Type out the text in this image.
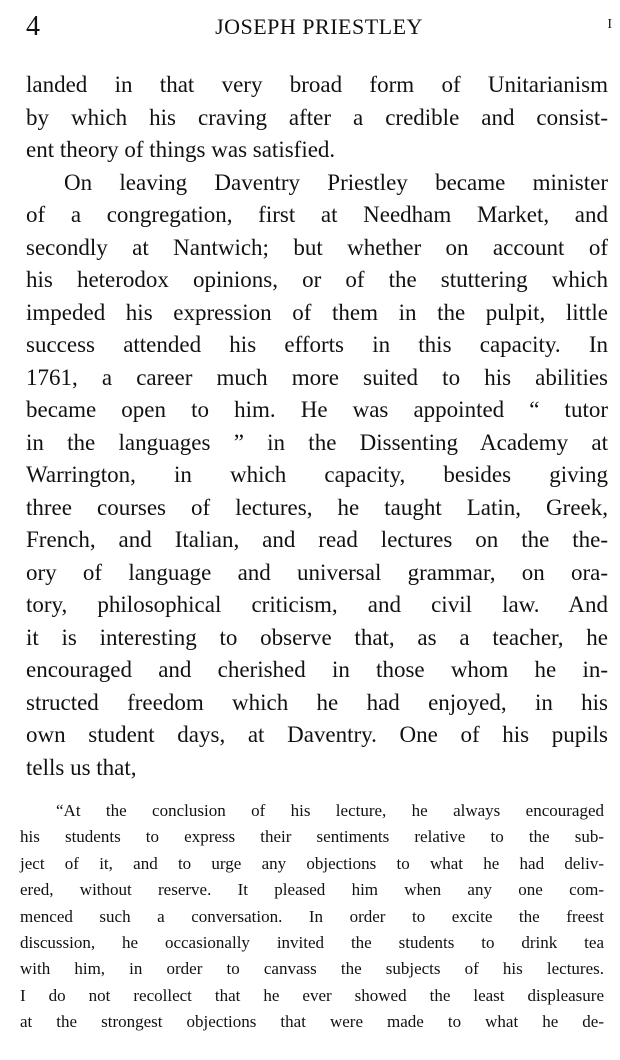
4	JOSEPH PRIESTLEY	I
landed in that very broad form of Unitarianism
by which his craving after a credible and consist-
ent theory of things was satisfied.
On leaving Daventry Priestley became minister
of a congregation, first at Needham Market, and
secondly at Nantwich; but whether on account of
his heterodox opinions, or of the stuttering which
impeded his expression of them in the pulpit, little
success attended his efforts in this capacity. In
1761, a career much more suited to his abilities
became open to him. He was appointed “ tutor
in the languages ” in the Dissenting Academy at
Warrington, in which capacity, besides giving
three courses of lectures, he taught Latin, Greek,
French, and Italian, and read lectures on the the-
ory of language and universal grammar, on ora-
tory, philosophical criticism, and civil law. And
it is interesting to observe that, as a teacher, he
encouraged and cherished in those whom he in-
structed freedom which he had enjoyed, in his
own student days, at Daventry. One of his pupils
tells us that,
“At the conclusion of his lecture, he always encouraged
his students to express their sentiments relative to the sub-
ject of it, and to urge any objections to what he had deliv-
ered, without reserve. It pleased him when any one com-
menced such a conversation. In order to excite the freest
discussion, he occasionally invited the students to drink tea
with him, in order to canvass the subjects of his lectures.
I do not recollect that he ever showed the least displeasure
at the strongest objections that were made to what he de-
